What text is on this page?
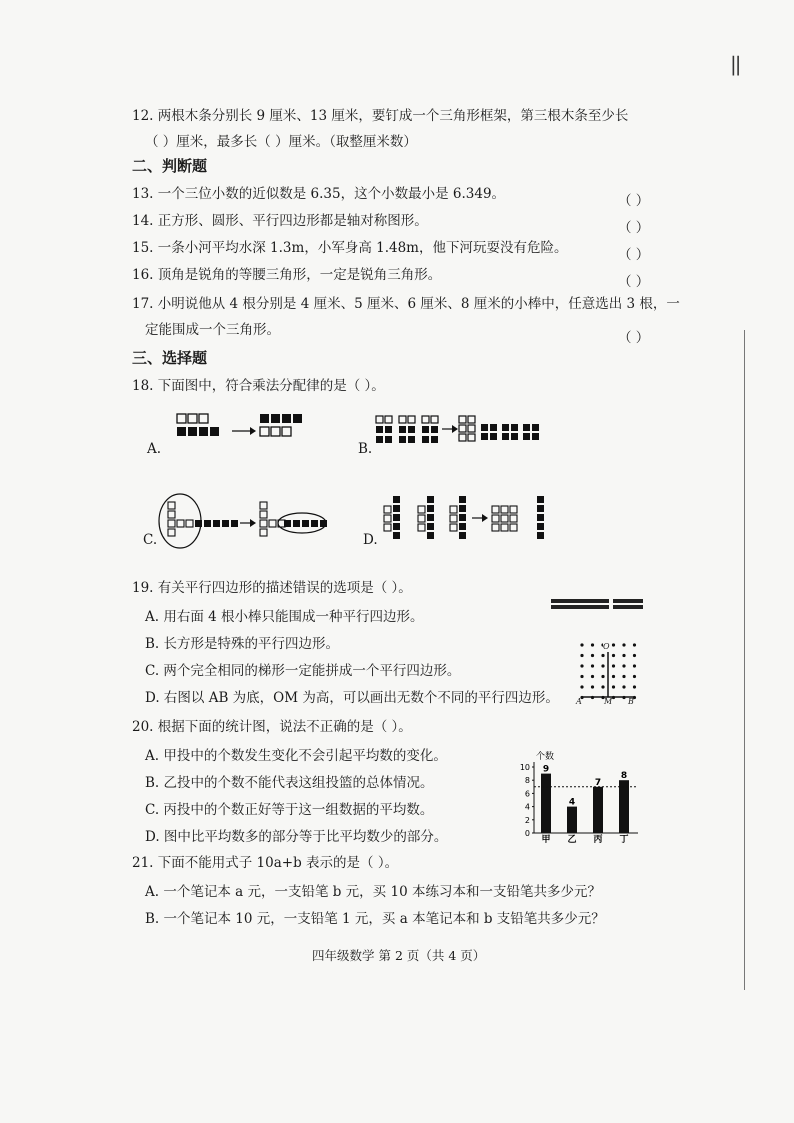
||
12. 两根木条分别长 9 厘米、13 厘米，要钉成一个三角形框架，第三根木条至少长
（ ）厘米，最多长（ ）厘米。（取整厘米数）
二、判断题
13. 一个三位小数的近似数是 6.35，这个小数最小是 6.349。	（ ）
14. 正方形、圆形、平行四边形都是轴对称图形。	（ ）
15. 一条小河平均水深 1.3m，小军身高 1.48m，他下河玩耍没有危险。	（ ）
16. 顶角是锐角的等腰三角形，一定是锐角三角形。	（ ）
17. 小明说他从 4 根分别是 4 厘米、5 厘米、6 厘米、8 厘米的小棒中，任意选出 3 根，一
定能围成一个三角形。	（ ）
三、选择题
18. 下面图中，符合乘法分配律的是（ ）。
A.	B.
C.	D.
19. 有关平行四边形的描述错误的选项是（ ）。
A. 用右面 4 根小棒只能围成一种平行四边形。
B. 长方形是特殊的平行四边形。
C. 两个完全相同的梯形一定能拼成一个平行四边形。
D. 右图以 AB 为底，OM 为高，可以画出无数个不同的平行四边形。
O
A	M B
20. 根据下面的统计图，说法不正确的是（ ）。
A. 甲投中的个数发生变化不会引起平均数的变化。
B. 乙投中的个数不能代表这组投篮的总体情况。
C. 丙投中的个数正好等于这一组数据的平均数。
D. 图中比平均数多的部分等于比平均数少的部分。
个数
10
8
6
4
2
0
9
甲
4
乙
7
丙
8
丁
21. 下面不能用式子 10a+b 表示的是（ ）。
A. 一个笔记本 a 元，一支铅笔 b 元，买 10 本练习本和一支铅笔共多少元？
B. 一个笔记本 10 元，一支铅笔 1 元，买 a 本笔记本和 b 支铅笔共多少元？
四年级数学 第 2 页（共 4 页）
